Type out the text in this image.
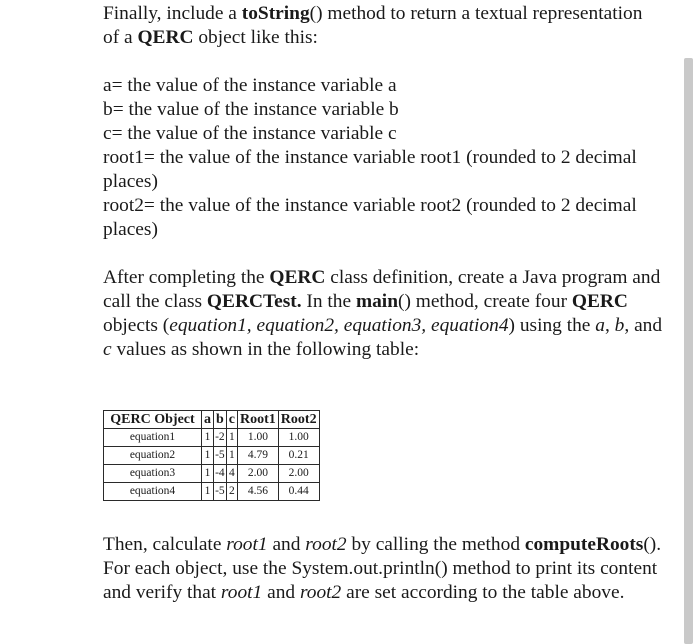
Finally, include a toString() method to return a textual representation of a QERC object like this:

a= the value of the instance variable a

b= the value of the instance variable b

c= the value of the instance variable c

root1= the value of the instance variable root1 (rounded to 2 decimal places)

root2= the value of the instance variable root2 (rounded to 2 decimal places)

After completing the QERC class definition, create a Java program and call the class QERCTest. In the main() method, create four QERC objects (equation1, equation2, equation3, equation4) using the a, b, and c values as shown in the following table:

QERC Object	a	b	c	Root1	Root2
equation1	1	-2	1	1.00	1.00
equation2	1	-5	1	4.79	0.21
equation3	1	-4	4	2.00	2.00
equation4	1	-5	2	4.56	0.44

Then, calculate root1 and root2 by calling the method computeRoots(). For each object, use the System.out.println() method to print its content and verify that root1 and root2 are set according to the table above.
